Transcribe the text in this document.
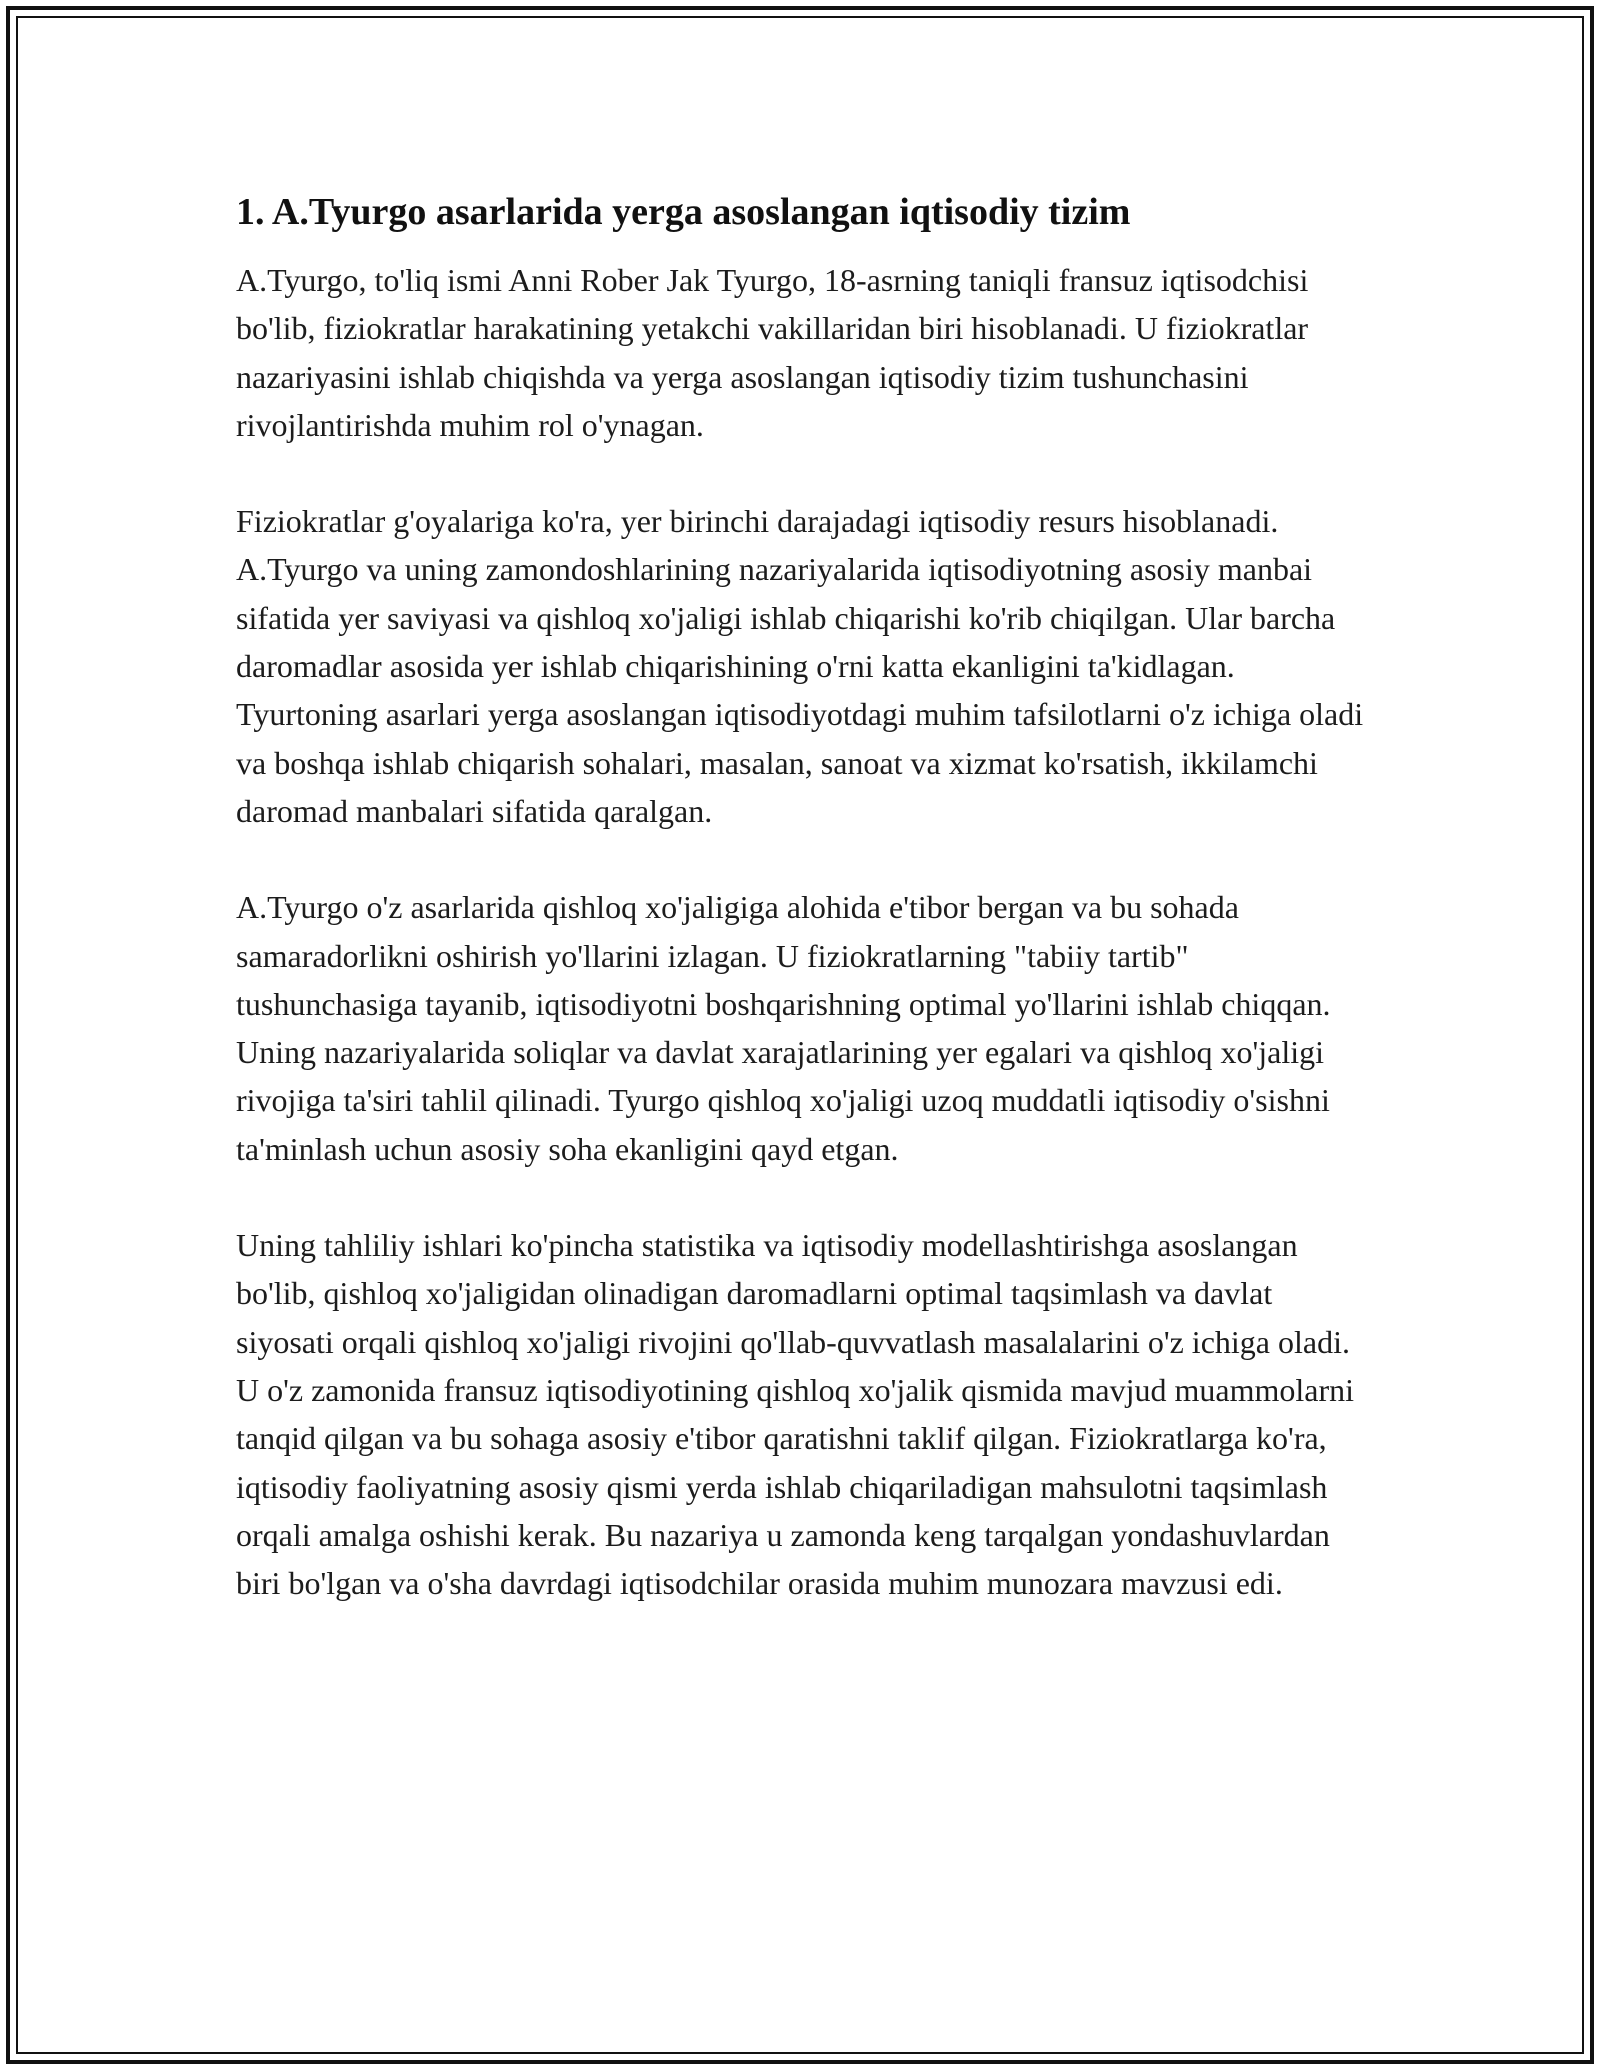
1. A.Tyurgo asarlarida yerga asoslangan iqtisodiy tizim

A.Tyurgo, to'liq ismi Anni Rober Jak Tyurgo, 18-asrning taniqli fransuz iqtisodchisi bo'lib, fiziokratlar harakatining yetakchi vakillaridan biri hisoblanadi. U fiziokratlar nazariyasini ishlab chiqishda va yerga asoslangan iqtisodiy tizim tushunchasini rivojlantirishda muhim rol o'ynagan.

Fiziokratlar g'oyalariga ko'ra, yer birinchi darajadagi iqtisodiy resurs hisoblanadi. A.Tyurgo va uning zamondoshlarining nazariyalarida iqtisodiyotning asosiy manbai sifatida yer saviyasi va qishloq xo'jaligi ishlab chiqarishi ko'rib chiqilgan. Ular barcha daromadlar asosida yer ishlab chiqarishining o'rni katta ekanligini ta'kidlagan. Tyurtoning asarlari yerga asoslangan iqtisodiyotdagi muhim tafsilotlarni o'z ichiga oladi va boshqa ishlab chiqarish sohalari, masalan, sanoat va xizmat ko'rsatish, ikkilamchi daromad manbalari sifatida qaralgan.

A.Tyurgo o'z asarlarida qishloq xo'jaligiga alohida e'tibor bergan va bu sohada samaradorlikni oshirish yo'llarini izlagan. U fiziokratlarning "tabiiy tartib" tushunchasiga tayanib, iqtisodiyotni boshqarishning optimal yo'llarini ishlab chiqqan. Uning nazariyalarida soliqlar va davlat xarajatlarining yer egalari va qishloq xo'jaligi rivojiga ta'siri tahlil qilinadi. Tyurgo qishloq xo'jaligi uzoq muddatli iqtisodiy o'sishni ta'minlash uchun asosiy soha ekanligini qayd etgan.

Uning tahliliy ishlari ko'pincha statistika va iqtisodiy modellashtirishga asoslangan bo'lib, qishloq xo'jaligidan olinadigan daromadlarni optimal taqsimlash va davlat siyosati orqali qishloq xo'jaligi rivojini qo'llab-quvvatlash masalalarini o'z ichiga oladi. U o'z zamonida fransuz iqtisodiyotining qishloq xo'jalik qismida mavjud muammolarni tanqid qilgan va bu sohaga asosiy e'tibor qaratishni taklif qilgan. Fiziokratlarga ko'ra, iqtisodiy faoliyatning asosiy qismi yerda ishlab chiqariladigan mahsulotni taqsimlash orqali amalga oshishi kerak. Bu nazariya u zamonda keng tarqalgan yondashuvlardan biri bo'lgan va o'sha davrdagi iqtisodchilar orasida muhim munozara mavzusi edi.
